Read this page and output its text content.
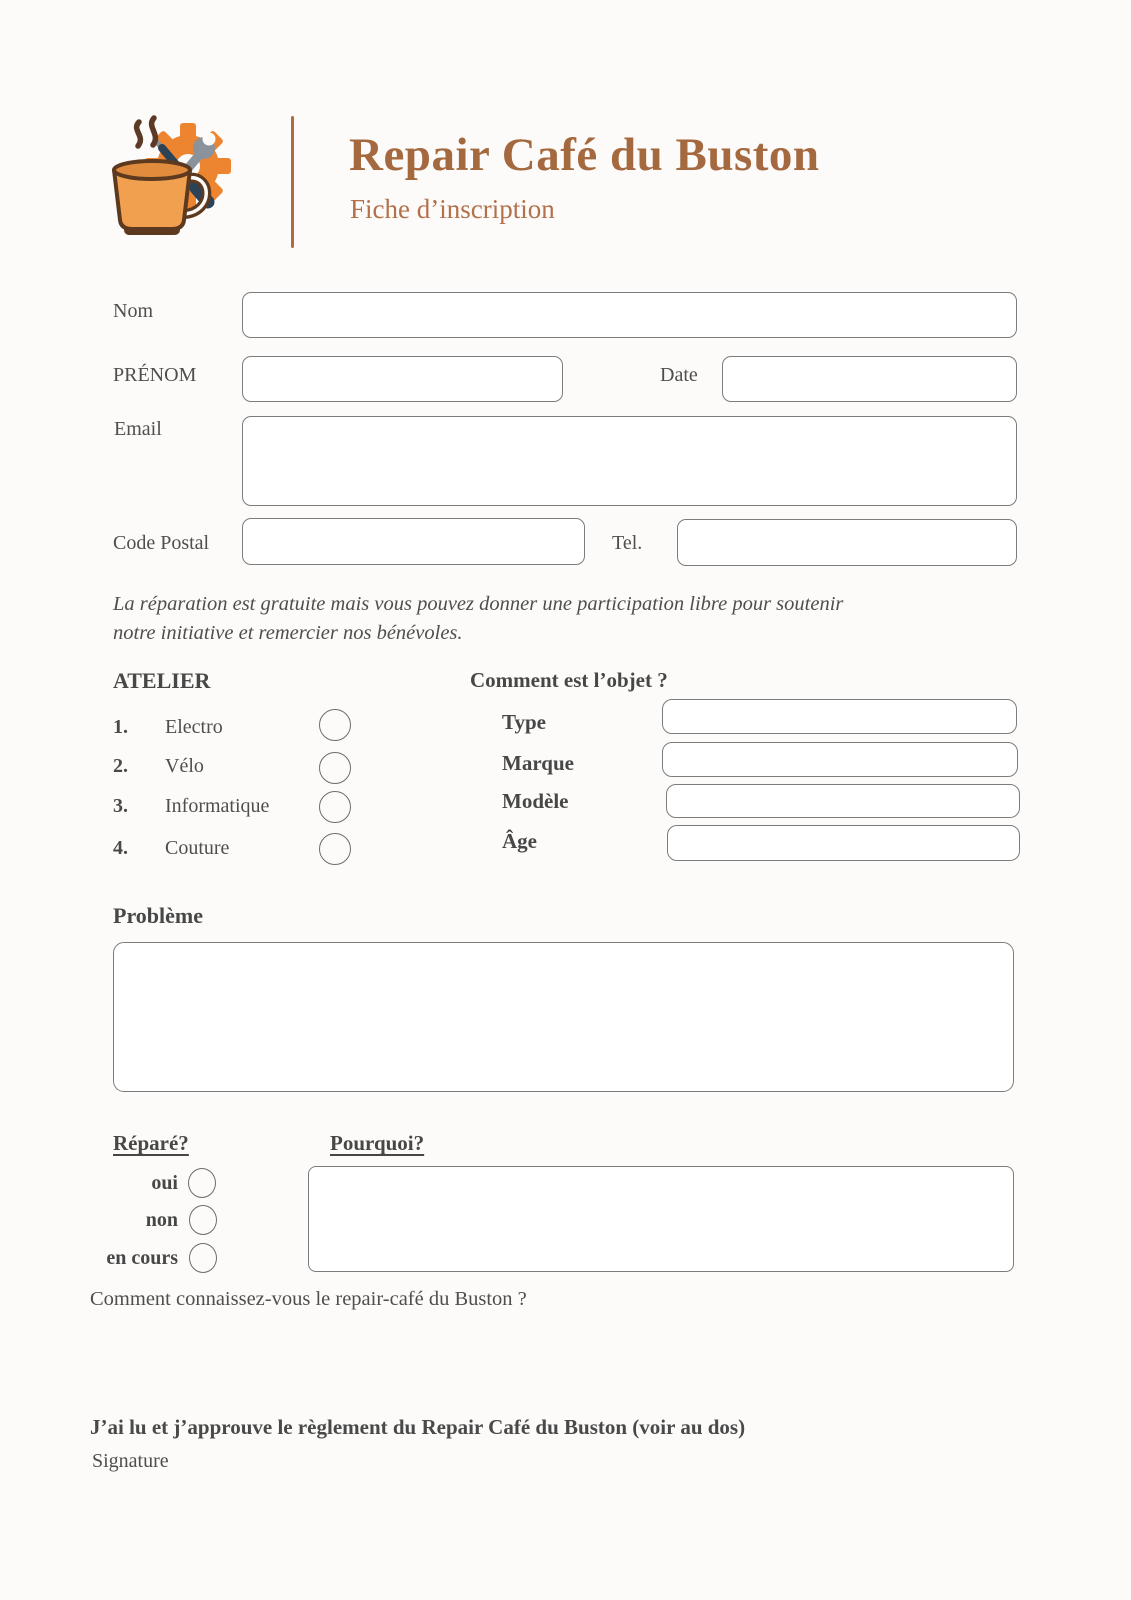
Repair Café du Buston
Fiche d’inscription
Nom
PRÉNOM	Date
Email
Code Postal	Tel.
La réparation est gratuite mais vous pouvez donner une participation libre pour soutenir
notre initiative et remercier nos bénévoles.
ATELIER	Comment est l’objet ?
1. Electro
2. Vélo
3. Informatique
4. Couture
Type
Marque
Modèle
Âge
Problème
Réparé?	Pourquoi?
oui
non
en cours
Comment connaissez-vous le repair-café du Buston ?
J’ai lu et j’approuve le règlement du Repair Café du Buston (voir au dos)
Signature
